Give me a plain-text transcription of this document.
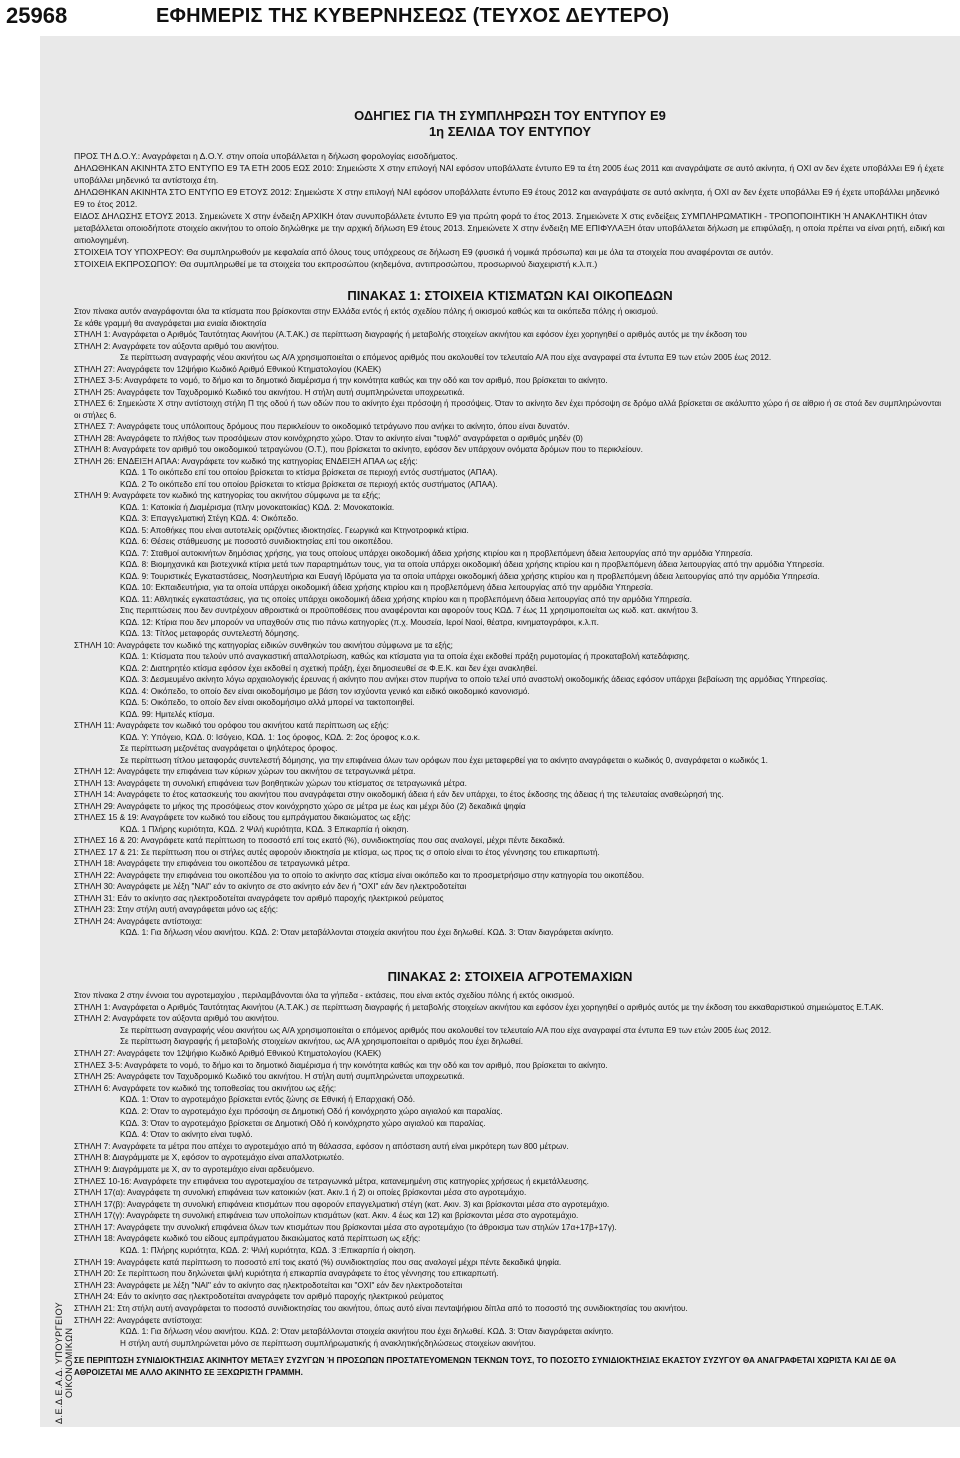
25968	ΕΦΗΜΕΡΙΣ ΤΗΣ ΚΥΒΕΡΝΗΣΕΩΣ (ΤΕΥΧΟΣ ΔΕΥΤΕΡΟ)
Δ.Ε.Δ.Ε.Α.Δ. ΥΠΟΥΡΓΕΙΟΥ ΟΙΚΟΝΟΜΙΚΩΝ
ΟΔΗΓΙΕΣ ΓΙΑ ΤΗ ΣΥΜΠΛΗΡΩΣΗ ΤΟΥ ΕΝΤΥΠΟΥ Ε9
1η ΣΕΛΙΔΑ ΤΟΥ ΕΝΤΥΠΟΥ

ΠΡΟΣ ΤΗ Δ.Ο.Υ.: Αναγράφεται η Δ.Ο.Υ. στην οποία υποβάλλεται η δήλωση φορολογίας εισοδήματος.

ΔΗΛΩΘΗΚΑΝ ΑΚΙΝΗΤΑ ΣΤΟ ΕΝΤΥΠΟ Ε9 ΤΑ ΕΤΗ 2005 ΕΩΣ 2010: Σημειώστε Χ στην επιλογή ΝΑΙ εφόσον υποβάλλατε έντυπο Ε9 τα έτη 2005 έως 2011 και αναγράψατε σε αυτό ακίνητα, ή ΟΧΙ αν δεν έχετε υποβάλλει Ε9 ή έχετε υποβάλλει μηδενικό τα αντίστοιχα έτη.

ΔΗΛΩΘΗΚΑΝ ΑΚΙΝΗΤΑ ΣΤΟ ΕΝΤΥΠΟ Ε9 ΕΤΟΥΣ 2012: Σημειώστε Χ στην επιλογή ΝΑΙ εφόσον υποβάλλατε έντυπο Ε9 έτους 2012 και αναγράψατε σε αυτό ακίνητα, ή ΟΧΙ αν δεν έχετε υποβάλλει Ε9 ή έχετε υποβάλλει μηδενικό Ε9 το έτος 2012.

ΕΙΔΟΣ ΔΗΛΩΣΗΣ ΕΤΟΥΣ 2013. Σημειώνετε Χ στην ένδειξη ΑΡΧΙΚΗ όταν συνυποβάλλετε έντυπο Ε9 για πρώτη φορά το έτος 2013. Σημειώνετε Χ στις ενδείξεις ΣΥΜΠΛΗΡΩΜΑΤΙΚΗ - ΤΡΟΠΟΠΟΙΗΤΙΚΗ Ή ΑΝΑΚΛΗΤΙΚΗ όταν μεταβάλλεται οποιοδήποτε στοιχείο ακινήτου το οποίο δηλώθηκε με την αρχική δήλωση Ε9 έτους 2013. Σημειώνετε Χ στην ένδειξη ΜΕ ΕΠΙΦΥΛΑΞΗ όταν υποβάλλεται δήλωση με επιφύλαξη, η οποία πρέπει να είναι ρητή, ειδική και αιτιολογημένη.

ΣΤΟΙΧΕΙΑ ΤΟΥ ΥΠΟΧΡΕΟΥ: Θα συμπληρωθούν με κεφαλαία από όλους τους υπόχρεους σε δήλωση Ε9 (φυσικά ή νομικά πρόσωπα) και με όλα τα στοιχεία που αναφέρονται σε αυτόν.

ΣΤΟΙΧΕΙΑ ΕΚΠΡΟΣΩΠΟΥ: Θα συμπληρωθεί με τα στοιχεία του εκπροσώπου (κηδεμόνα, αντιπροσώπου, προσωρινού διαχειριστή κ.λ.π.)

ΠΙΝΑΚΑΣ 1: ΣΤΟΙΧΕΙΑ ΚΤΙΣΜΑΤΩΝ ΚΑΙ ΟΙΚΟΠΕΔΩΝ

Στον πίνακα αυτόν αναγράφονται όλα τα κτίσματα που βρίσκονται στην Ελλάδα εντός ή εκτός σχεδίου πόλης ή οικισμού καθώς και τα οικόπεδα πόλης ή οικισμού.

Σε κάθε γραμμή θα αναγράφεται μια ενιαία ιδιοκτησία

ΣΤΗΛΗ 1: Αναγράφεται ο Αριθμός Ταυτότητας Ακινήτου (Α.Τ.ΑΚ.) σε περίπτωση διαγραφής ή μεταβολής στοιχείων ακινήτου και εφόσον έχει χορηγηθεί ο αριθμός αυτός με την έκδοση του

ΣΤΗΛΗ 2: Αναγράφετε τον αύξοντα αριθμό του ακινήτου.

Σε περίπτωση αναγραφής νέου ακινήτου ως Α/Α χρησιμοποιείται ο επόμενος αριθμός που ακολουθεί τον τελευταίο Α/Α που είχε αναγραφεί στα έντυπα Ε9 των ετών 2005 έως 2012.

ΣΤΗΛΗ 27: Αναγράφετε τον 12ψήφιο Κωδικό Αριθμό Εθνικού Κτηματολογίου (ΚΑΕΚ)

ΣΤΗΛΕΣ 3-5: Αναγράφετε το νομό, το δήμο και το δημοτικό διαμέρισμα ή την κοινότητα καθώς και την οδό και τον αριθμό, που βρίσκεται το ακίνητο.

ΣΤΗΛΗ 25: Αναγράφετε τον Ταχυδρομικό Κωδικό του ακινήτου. Η στήλη αυτή συμπληρώνεται υποχρεωτικά.

ΣΤΗΛΕΣ 6: Σημειώστε Χ στην αντίστοιχη στήλη Π της οδού ή των οδών που το ακίνητο έχει πρόσοψη ή προσόψεις. Όταν το ακίνητο δεν έχει πρόσοψη σε δρόμο αλλά βρίσκεται σε ακάλυπτο χώρο ή σε αίθριο ή σε στοά δεν συμπληρώνονται οι στήλες 6.

ΣΤΗΛΕΣ 7: Αναγράφετε τους υπόλοιπους δρόμους που περικλείουν το οικοδομικό τετράγωνο που ανήκει το ακίνητο, όπου είναι δυνατόν.

ΣΤΗΛΗ 28: Αναγράφετε το πλήθος των προσόψεων στον κοινόχρηστο χώρο. Όταν το ακίνητο είναι "τυφλό" αναγράφεται ο αριθμός μηδέν (0)

ΣΤΗΛΗ 8: Αναγράφετε τον αριθμό του οικοδομικού τετραγώνου (Ο.Τ.), που βρίσκεται το ακίνητο, εφόσον δεν υπάρχουν ονόματα δρόμων που το περικλείουν.

ΣΤΗΛΗ 26: ΕΝΔΕΙΞΗ ΑΠΑΑ: Αναγράφετε τον κωδικό της κατηγορίας ΕΝΔΕΙΞΗ ΑΠΑΑ ως εξής:

ΚΩΔ. 1 Το οικόπεδο επί του οποίου βρίσκεται το κτίσμα βρίσκεται σε περιοχή εντός συστήματος (ΑΠΑΑ).

ΚΩΔ. 2 Το οικόπεδο επί του οποίου βρίσκεται το κτίσμα βρίσκεται σε περιοχή εκτός συστήματος (ΑΠΑΑ).

ΣΤΗΛΗ 9: Αναγράφετε τον κωδικό της κατηγορίας του ακινήτου σύμφωνα με τα εξής;

ΚΩΔ. 1: Κατοικία ή Διαμέρισμα (πλην μονοκατοικίας) ΚΩΔ. 2: Μονοκατοικία.

ΚΩΔ. 3: Επαγγελματική Στέγη ΚΩΔ. 4: Οικόπεδο.

ΚΩΔ. 5: Αποθήκες που είναι αυτοτελείς οριζόντιες ιδιοκτησίες. Γεωργικά και Κτηνοτροφικά κτίρια.

ΚΩΔ. 6: Θέσεις στάθμευσης με ποσοστό συνιδιοκτησίας επί του οικοπέδου.

ΚΩΔ. 7: Σταθμοί αυτοκινήτων δημόσιας χρήσης, για τους οποίους υπάρχει οικοδομική άδεια χρήσης κτιρίου και η προβλεπόμενη άδεια λειτουργίας από την αρμόδια Υπηρεσία.

ΚΩΔ. 8: Βιομηχανικά και βιοτεχνικά κτίρια μετά των παραρτημάτων τους, για τα οποία υπάρχει οικοδομική άδεια χρήσης κτιρίου και η προβλεπόμενη άδεια λειτουργίας από την αρμόδια Υπηρεσία.

ΚΩΔ. 9: Τουριστικές Εγκαταστάσεις, Νοσηλευτήρια και Ευαγή Ιδρύματα για τα οποία υπάρχει οικοδομική άδεια χρήσης κτιρίου και η προβλεπόμενη άδεια λειτουργίας από την αρμόδια Υπηρεσία.

ΚΩΔ. 10: Εκπαιδευτήρια, για τα οποία υπάρχει οικοδομική άδεια χρήσης κτιρίου και η προβλεπόμενη άδεια λειτουργίας από την αρμόδια Υπηρεσία.

ΚΩΔ. 11: Αθλητικές εγκαταστάσεις, για τις οποίες υπάρχει οικοδομική άδεια χρήσης κτιρίου και η προβλεπόμενη άδεια λειτουργίας από την αρμόδια Υπηρεσία.

Στις περιπτώσεις που δεν συντρέχουν αθροιστικά οι προϋποθέσεις που αναφέρονται και αφορούν τους ΚΩΔ. 7 έως 11 χρησιμοποιείται ως κωδ. κατ. ακινήτου 3.

ΚΩΔ. 12: Κτίρια που δεν μπορούν να υπαχθούν στις πιο πάνω κατηγορίες (π.χ. Μουσεία, Ιεροί Ναοί, θέατρα, κινηματογράφοι, κ.λ.π.

ΚΩΔ. 13: Τίτλος μεταφοράς συντελεστή δόμησης.

ΣΤΗΛΗ 10: Αναγράφετε τον κωδικό της κατηγορίας ειδικών συνθηκών του ακινήτου σύμφωνα με τα εξής;

ΚΩΔ. 1: Κτίσματα που τελούν υπό αναγκαστική απαλλοτρίωση, καθώς και κτίσματα για τα οποία έχει εκδοθεί πράξη ρυμοτομίας ή προκαταβολή κατεδάφισης.

ΚΩΔ. 2: Διατηρητέο κτίσμα εφόσον έχει εκδοθεί η σχετική πράξη, έχει δημοσιευθεί σε Φ.Ε.Κ. και δεν έχει ανακληθεί.

ΚΩΔ. 3: Δεσμευμένο ακίνητο λόγω αρχαιολογικής έρευνας ή ακίνητο που ανήκει στον πυρήνα το οποίο τελεί υπό αναστολή οικοδομικής άδειας εφόσον υπάρχει βεβαίωση της αρμόδιας Υπηρεσίας.

ΚΩΔ. 4: Οικόπεδο, το οποίο δεν είναι οικοδομήσιμο με βάση τον ισχύοντα γενικό και ειδικό οικοδομικό κανονισμό.

ΚΩΔ. 5: Οικόπεδο, το οποίο δεν είναι οικοδομήσιμο αλλά μπορεί να τακτοποιηθεί.

ΚΩΔ. 99: Ημιτελές κτίσμα.

ΣΤΗΛΗ 11: Αναγράφετε τον κωδικό του ορόφου του ακινήτου κατά περίπτωση ως εξής:

ΚΩΔ. Υ: Υπόγειο, ΚΩΔ. 0: Ισόγειο, ΚΩΔ. 1: 1ος όροφος, ΚΩΔ. 2: 2ος όροφος κ.ο.κ.

Σε περίπτωση μεζονέτας αναγράφεται ο ψηλότερος όροφος.

Σε περίπτωση τίτλου μεταφοράς συντελεστή δόμησης, για την επιφάνεια όλων των ορόφων που έχει μεταφερθεί για το ακίνητο αναγράφεται ο κωδικός 0, αναγράφεται ο κωδικός 1.

ΣΤΗΛΗ 12: Αναγράφετε την επιφάνεια των κύριων χώρων του ακινήτου σε τετραγωνικά μέτρα.

ΣΤΗΛΗ 13: Αναγράφετε τη συνολική επιφάνεια των βοηθητικών χώρων του κτίσματος σε τετραγωνικά μέτρα.

ΣΤΗΛΗ 14: Αναγράφετε το έτος κατασκευής του ακινήτου που αναγράφεται στην οικοδομική άδεια ή εάν δεν υπάρχει, το έτος έκδοσης της άδειας ή της τελευταίας αναθεώρησή της.

ΣΤΗΛΗ 29: Αναγράφετε το μήκος της προσόψεως στον κοινόχρηστο χώρο σε μέτρα με έως και μέχρι δύο (2) δεκαδικά ψηφία

ΣΤΗΛΕΣ 15 & 19: Αναγράφετε τον κωδικό του είδους του εμπράγματου δικαιώματος ως εξής:

ΚΩΔ. 1 Πλήρης κυριότητα, ΚΩΔ. 2 Ψιλή κυριότητα, ΚΩΔ. 3 Επικαρπία ή οίκηση.

ΣΤΗΛΕΣ 16 & 20: Αναγράφετε κατά περίπτωση το ποσοστό επί τοις εκατό (%), συνιδιοκτησίας που σας αναλογεί, μέχρι πέντε δεκαδικά.

ΣΤΗΛΕΣ 17 & 21: Σε περίπτωση που οι στήλες αυτές αφορούν ιδιοκτησία με κτίσμα, ως προς τις σ οποίο είναι το έτος γέννησης του επικαρπωτή.

ΣΤΗΛΗ 18: Αναγράφετε την επιφάνεια του οικοπέδου σε τετραγωνικά μέτρα.

ΣΤΗΛΗ 22: Αναγράφετε την επιφάνεια του οικοπέδου για το οποίο το ακίνητο σας κτίσμα είναι οικόπεδο και το προσμετρήσιμο στην κατηγορία του οικοπέδου.

ΣΤΗΛΗ 30: Αναγράφετε με λέξη "ΝΑΙ" εάν το ακίνητο σε στο ακίνητο εάν δεν ή "ΟΧΙ" εάν δεν ηλεκτροδοτείται

ΣΤΗΛΗ 31: Εάν το ακίνητο σας ηλεκτροδοτείται αναγράφετε τον αριθμό παροχής ηλεκτρικού ρεύματος

ΣΤΗΛΗ 23: Στην στήλη αυτή αναγράφεται μόνο ως εξής:

ΣΤΗΛΗ 24: Αναγράφετε αντίστοιχα:

ΚΩΔ. 1: Για δήλωση νέου ακινήτου. ΚΩΔ. 2: Όταν μεταβάλλονται στοιχεία ακινήτου που έχει δηλωθεί. ΚΩΔ. 3: Όταν διαγράφεται ακίνητο.

ΠΙΝΑΚΑΣ 2: ΣΤΟΙΧΕΙΑ ΑΓΡΟΤΕΜΑΧΙΩΝ

Στον πίνακα 2 στην έννοια του αγροτεμαχίου , περιλαμβάνονται όλα τα γήπεδα - εκτάσεις, που είναι εκτός σχεδίου πόλης ή εκτός οικισμού.

ΣΤΗΛΗ 1: Αναγράφεται ο Αριθμός Ταυτότητας Ακινήτου (Α.Τ.ΑΚ.) σε περίπτωση διαγραφής ή μεταβολής στοιχείων ακινήτου και εφόσον έχει χορηγηθεί ο αριθμός αυτός με την έκδοση του εκκαθαριστικού σημειώματος Ε.Τ.ΑΚ.

ΣΤΗΛΗ 2: Αναγράφετε τον αύξοντα αριθμό του ακινήτου.

Σε περίπτωση αναγραφής νέου ακινήτου ως Α/Α χρησιμοποιείται ο επόμενος αριθμός που ακολουθεί τον τελευταίο Α/Α που είχε αναγραφεί στα έντυπα Ε9 των ετών 2005 έως 2012.

Σε περίπτωση διαγραφής ή μεταβολής στοιχείων ακινήτου, ως Α/Α χρησιμοποιείται ο αριθμός που έχει δηλωθεί.

ΣΤΗΛΗ 27: Αναγράφετε τον 12ψήφιο Κωδικό Αριθμό Εθνικού Κτηματολογίου (ΚΑΕΚ)

ΣΤΗΛΕΣ 3-5: Αναγράφετε το νομό, το δήμο και το δημοτικό διαμέρισμα ή την κοινότητα καθώς και την οδό και τον αριθμό, που βρίσκεται το ακίνητο.

ΣΤΗΛΗ 25: Αναγράφετε τον Ταχυδρομικό Κωδικό του ακινήτου. Η στήλη αυτή συμπληρώνεται υποχρεωτικά.

ΣΤΗΛΗ 6: Αναγράφετε τον κωδικό της τοποθεσίας του ακινήτου ως εξής:

ΚΩΔ. 1: Όταν το αγροτεμάχιο βρίσκεται εντός ζώνης σε Εθνική ή Επαρχιακή Οδό.

ΚΩΔ. 2: Όταν το αγροτεμάχιο έχει πρόσοψη σε Δημοτική Οδό ή κοινόχρηστο χώρο αιγιαλού και παραλίας.

ΚΩΔ. 3: Όταν το αγροτεμάχιο βρίσκεται σε Δημοτική Οδό ή κοινόχρηστο χώρο αιγιαλού και παραλίας.

ΚΩΔ. 4: Όταν το ακίνητο είναι τυφλό.

ΣΤΗΛΗ 7: Αναγράφετε τα μέτρα που απέχει το αγροτεμάχιο από τη θάλασσα, εφόσον η απόσταση αυτή είναι μικρότερη των 800 μέτρων.

ΣΤΗΛΗ 8: Διαγράμματε με Χ, εφόσον το αγροτεμάχιο είναι απαλλοτριωτέο.

ΣΤΗΛΗ 9: Διαγράμματε με Χ, αν το αγροτεμάχιο είναι αρδευόμενο.

ΣΤΗΛΕΣ 10-16: Αναγράφετε την επιφάνεια του αγροτεμαχίου σε τετραγωνικά μέτρα, κατανεμημένη στις κατηγορίες χρήσεως ή εκμετάλλευσης.

ΣΤΗΛΗ 17(α): Αναγράφετε τη συνολική επιφάνεια των κατοικιών (κατ. Ακιν.1 ή 2) οι οποίες βρίσκονται μέσα στο αγροτεμάχιο.

ΣΤΗΛΗ 17(β): Αναγράφετε τη συνολική επιφάνεια κτισμάτων που αφορούν επαγγελματική στέγη (κατ. Ακιν. 3) και βρίσκονται μέσα στο αγροτεμάχιο.

ΣΤΗΛΗ 17(γ): Αναγράφετε τη συνολική επιφάνεια των υπολοίπων κτισμάτων (κατ. Ακιν. 4 έως και 12) και βρίσκονται μέσα στο αγροτεμάχιο.

ΣΤΗΛΗ 17: Αναγράφετε την συνολική επιφάνεια όλων των κτισμάτων που βρίσκονται μέσα στο αγροτεμάχιο (το άθροισμα των στηλών 17α+17β+17γ).

ΣΤΗΛΗ 18: Αναγράφετε κωδικό του είδους εμπράγματου δικαιώματος κατά περίπτωση ως εξής:

ΚΩΔ. 1: Πλήρης κυριότητα, ΚΩΔ. 2: Ψιλή κυριότητα, ΚΩΔ. 3 :Επικαρπία ή οίκηση.

ΣΤΗΛΗ 19: Αναγράφετε κατά περίπτωση το ποσοστό επί τοις εκατό (%) συνιδιοκτησίας που σας αναλογεί μέχρι πέντε δεκαδικά ψηφία.

ΣΤΗΛΗ 20: Σε περίπτωση που δηλώνεται ψιλή κυριότητα ή επικαρπία αναγράφετε το έτος γέννησης του επικαρπωτή.

ΣΤΗΛΗ 23: Αναγράφετε με λέξη "ΝΑΙ" εάν το ακίνητο σας ηλεκτροδοτείται και "ΟΧΙ" εάν δεν ηλεκτροδοτείται

ΣΤΗΛΗ 24: Εάν το ακίνητο σας ηλεκτροδοτείται αναγράφετε τον αριθμό παροχής ηλεκτρικού ρεύματος

ΣΤΗΛΗ 21: Στη στήλη αυτή αναγράφεται το ποσοστό συνιδιοκτησίας του ακινήτου, όπως αυτό είναι πενταψήφιου δίπλα από το ποσοστό της συνιδιοκτησίας του ακινήτου.

ΣΤΗΛΗ 22: Αναγράφετε αντίστοιχα:

ΚΩΔ. 1: Για δήλωση νέου ακινήτου. ΚΩΔ. 2: Όταν μεταβάλλονται στοιχεία ακινήτου που έχει δηλωθεί. ΚΩΔ. 3: Όταν διαγράφεται ακίνητο.

Η στήλη αυτή συμπληρώνεται μόνο σε περίπτωση συμπλήρωματικής ή ανακλητικήςδηλώσεως στοιχείων ακινήτου.

ΣΕ ΠΕΡΙΠΤΩΣΗ ΣΥΝΙΔΙΟΚΤΗΣΙΑΣ ΑΚΙΝΗΤΟΥ ΜΕΤΑΞΥ ΣΥΖΥΓΩΝ Ή ΠΡΟΣΩΠΩΝ ΠΡΟΣΤΑΤΕΥΟΜΕΝΩΝ ΤΕΚΝΩΝ ΤΟΥΣ, ΤΟ ΠΟΣΟΣΤΟ ΣΥΝΙΔΙΟΚΤΗΣΙΑΣ ΕΚΑΣΤΟΥ ΣΥΖΥΓΟΥ ΘΑ ΑΝΑΓΡΑΦΕΤΑΙ ΧΩΡΙΣΤΑ ΚΑΙ ΔΕ ΘΑ ΑΘΡΟΙΖΕΤΑΙ ΜΕ ΑΛΛΟ ΑΚΙΝΗΤΟ ΣΕ ΞΕΧΩΡΙΣΤΗ ΓΡΑΜΜΗ.
